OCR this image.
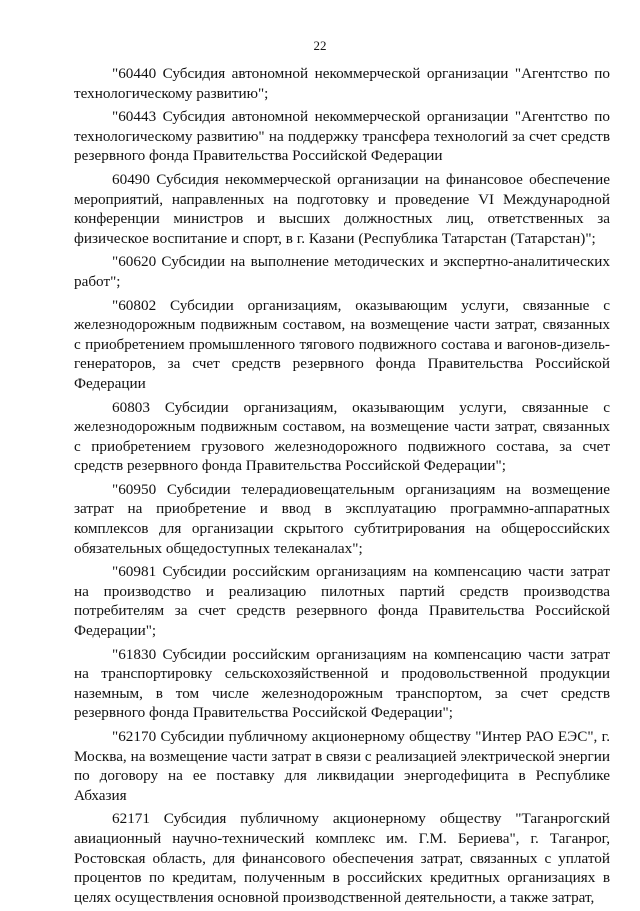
22

"60440 Субсидия автономной некоммерческой организации "Агентство по технологическому развитию";

"60443 Субсидия автономной некоммерческой организации "Агентство по технологическому развитию" на поддержку трансфера технологий за счет средств резервного фонда Правительства Российской Федерации

60490 Субсидия некоммерческой организации на финансовое обеспечение мероприятий, направленных на подготовку и проведение VI Международной конференции министров и высших должностных лиц, ответственных за физическое воспитание и спорт, в г. Казани (Республика Татарстан (Татарстан)";

"60620 Субсидии на выполнение методических и экспертно-аналитических работ";

"60802 Субсидии организациям, оказывающим услуги, связанные с железнодорожным подвижным составом, на возмещение части затрат, связанных с приобретением промышленного тягового подвижного состава и вагонов-дизель-генераторов, за счет средств резервного фонда Правительства Российской Федерации

60803 Субсидии организациям, оказывающим услуги, связанные с железнодорожным подвижным составом, на возмещение части затрат, связанных с приобретением грузового железнодорожного подвижного состава, за счет средств резервного фонда Правительства Российской Федерации";

"60950 Субсидии телерадиовещательным организациям на возмещение затрат на приобретение и ввод в эксплуатацию программно-аппаратных комплексов для организации скрытого субтитрирования на общероссийских обязательных общедоступных телеканалах";

"60981 Субсидии российским организациям на компенсацию части затрат на производство и реализацию пилотных партий средств производства потребителям за счет средств резервного фонда Правительства Российской Федерации";

"61830 Субсидии российским организациям на компенсацию части затрат на транспортировку сельскохозяйственной и продовольственной продукции наземным, в том числе железнодорожным транспортом, за счет средств резервного фонда Правительства Российской Федерации";

"62170 Субсидии публичному акционерному обществу "Интер РАО ЕЭС", г. Москва, на возмещение части затрат в связи с реализацией электрической энергии по договору на ее поставку для ликвидации энергодефицита в Республике Абхазия

62171 Субсидия публичному акционерному обществу "Таганрогский авиационный научно-технический комплекс им. Г.М. Бериева", г. Таганрог, Ростовская область, для финансового обеспечения затрат, связанных с уплатой процентов по кредитам, полученным в российских кредитных организациях в целях осуществления основной производственной деятельности, а также затрат,
